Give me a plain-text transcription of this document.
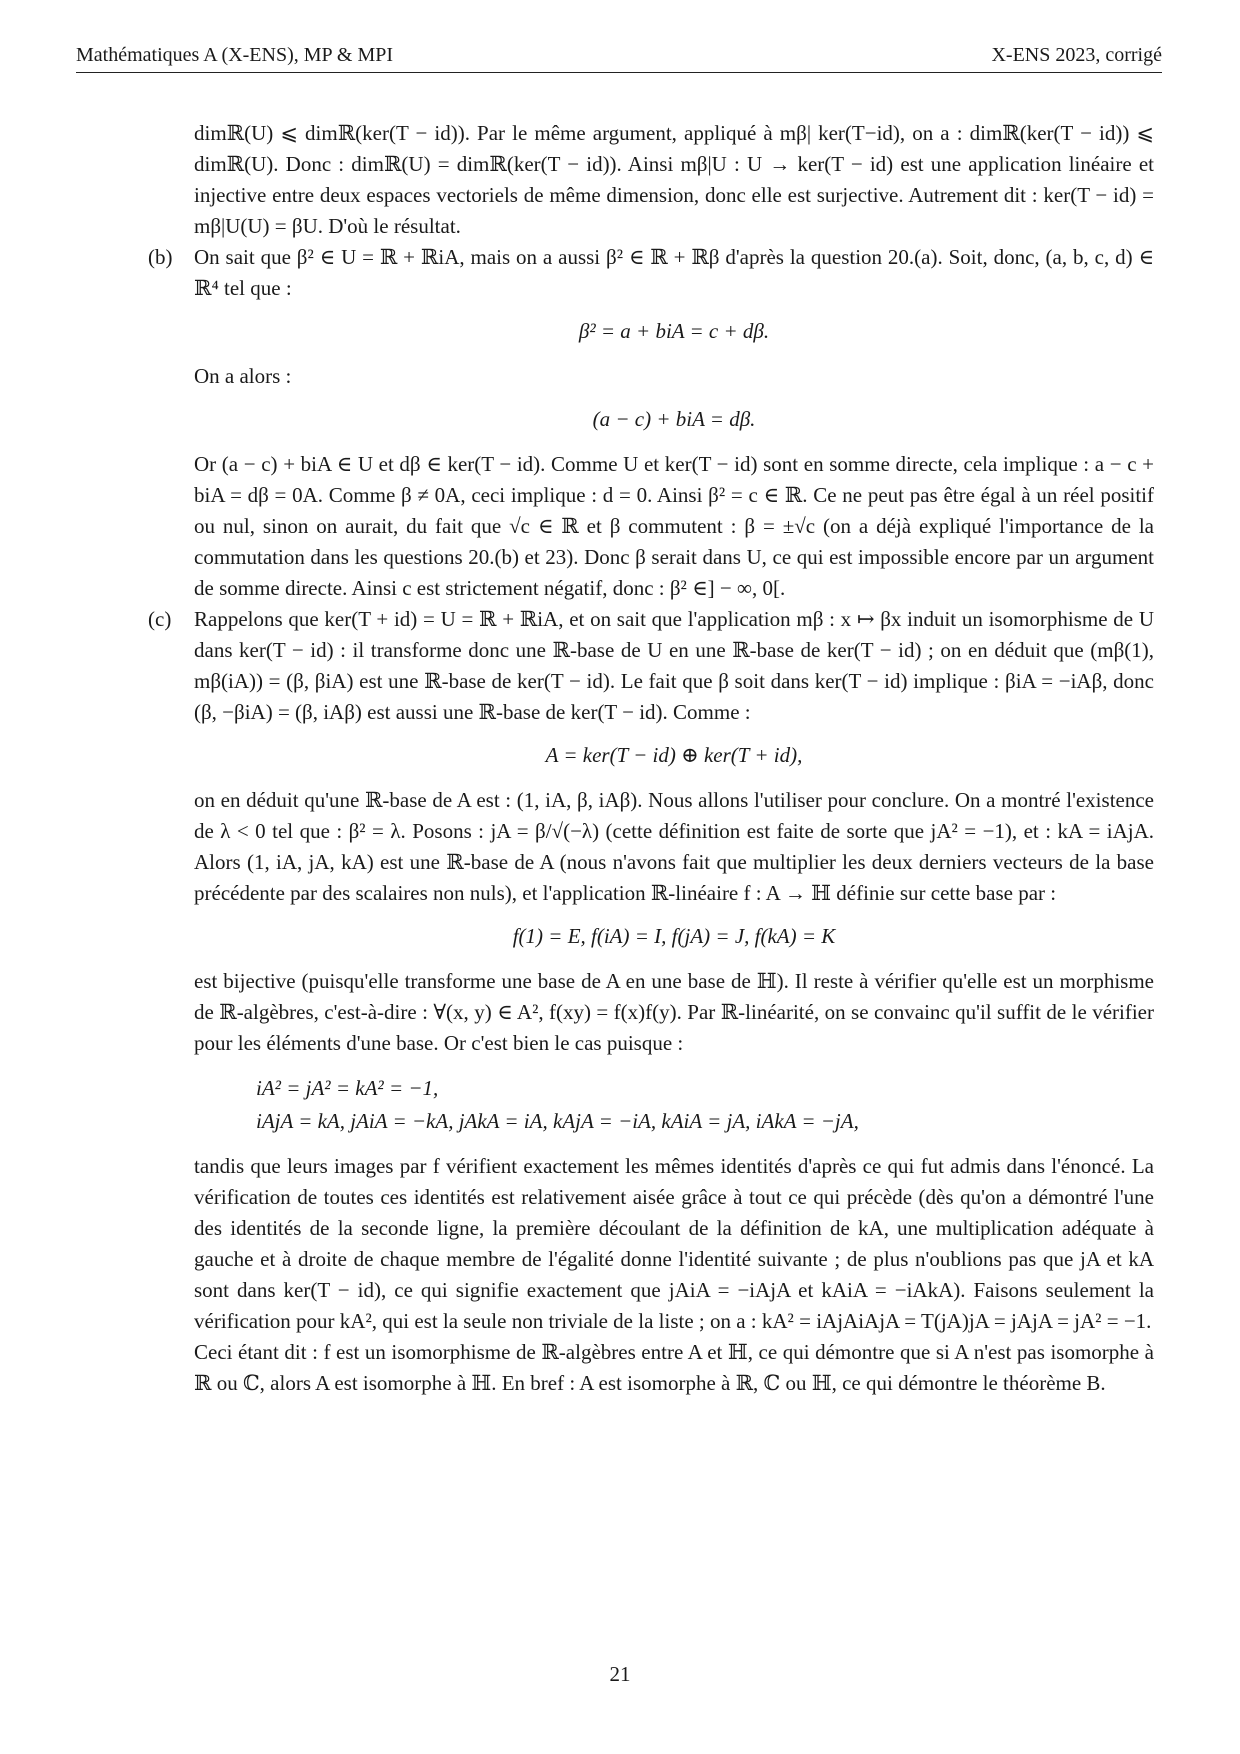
Mathématiques A (X-ENS), MP & MPI	X-ENS 2023, corrigé

dimℝ(U) ⩽ dimℝ(ker(T − id)). Par le même argument, appliqué à mβ| ker(T−id), on a : dimℝ(ker(T − id)) ⩽ dimℝ(U). Donc : dimℝ(U) = dimℝ(ker(T − id)). Ainsi mβ|U : U → ker(T − id) est une application linéaire et injective entre deux espaces vectoriels de même dimension, donc elle est surjective. Autrement dit : ker(T − id) = mβ|U(U) = βU. D'où le résultat.

(b) On sait que β² ∈ U = ℝ + ℝiA, mais on a aussi β² ∈ ℝ + ℝβ d'après la question 20.(a). Soit, donc, (a, b, c, d) ∈ ℝ⁴ tel que :

β² = a + biA = c + dβ.

On a alors :

(a − c) + biA = dβ.

Or (a − c) + biA ∈ U et dβ ∈ ker(T − id). Comme U et ker(T − id) sont en somme directe, cela implique : a − c + biA = dβ = 0A. Comme β ≠ 0A, ceci implique : d = 0. Ainsi β² = c ∈ ℝ. Ce ne peut pas être égal à un réel positif ou nul, sinon on aurait, du fait que √c ∈ ℝ et β commutent : β = ±√c (on a déjà expliqué l'importance de la commutation dans les questions 20.(b) et 23). Donc β serait dans U, ce qui est impossible encore par un argument de somme directe. Ainsi c est strictement négatif, donc : β² ∈] − ∞, 0[.

(c) Rappelons que ker(T + id) = U = ℝ + ℝiA, et on sait que l'application mβ : x ↦ βx induit un isomorphisme de U dans ker(T − id) : il transforme donc une ℝ-base de U en une ℝ-base de ker(T − id) ; on en déduit que (mβ(1), mβ(iA)) = (β, βiA) est une ℝ-base de ker(T − id). Le fait que β soit dans ker(T − id) implique : βiA = −iAβ, donc (β, −βiA) = (β, iAβ) est aussi une ℝ-base de ker(T − id). Comme :

A = ker(T − id) ⊕ ker(T + id),

on en déduit qu'une ℝ-base de A est : (1, iA, β, iAβ). Nous allons l'utiliser pour conclure. On a montré l'existence de λ < 0 tel que : β² = λ. Posons : jA = β/√(−λ) (cette définition est faite de sorte que jA² = −1), et : kA = iAjA. Alors (1, iA, jA, kA) est une ℝ-base de A (nous n'avons fait que multiplier les deux derniers vecteurs de la base précédente par des scalaires non nuls), et l'application ℝ-linéaire f : A → ℍ définie sur cette base par :

f(1) = E, f(iA) = I, f(jA) = J, f(kA) = K

est bijective (puisqu'elle transforme une base de A en une base de ℍ). Il reste à vérifier qu'elle est un morphisme de ℝ-algèbres, c'est-à-dire : ∀(x, y) ∈ A², f(xy) = f(x)f(y). Par ℝ-linéarité, on se convainc qu'il suffit de le vérifier pour les éléments d'une base. Or c'est bien le cas puisque :

iA² = jA² = kA² = −1,
iAjA = kA, jAiA = −kA, jAkA = iA, kAjA = −iA, kAiA = jA, iAkA = −jA,

tandis que leurs images par f vérifient exactement les mêmes identités d'après ce qui fut admis dans l'énoncé. La vérification de toutes ces identités est relativement aisée grâce à tout ce qui précède (dès qu'on a démontré l'une des identités de la seconde ligne, la première découlant de la définition de kA, une multiplication adéquate à gauche et à droite de chaque membre de l'égalité donne l'identité suivante ; de plus n'oublions pas que jA et kA sont dans ker(T − id), ce qui signifie exactement que jAiA = −iAjA et kAiA = −iAkA). Faisons seulement la vérification pour kA², qui est la seule non triviale de la liste ; on a : kA² = iAjAiAjA = T(jA)jA = jAjA = jA² = −1.

Ceci étant dit : f est un isomorphisme de ℝ-algèbres entre A et ℍ, ce qui démontre que si A n'est pas isomorphe à ℝ ou ℂ, alors A est isomorphe à ℍ. En bref : A est isomorphe à ℝ, ℂ ou ℍ, ce qui démontre le théorème B.

21
